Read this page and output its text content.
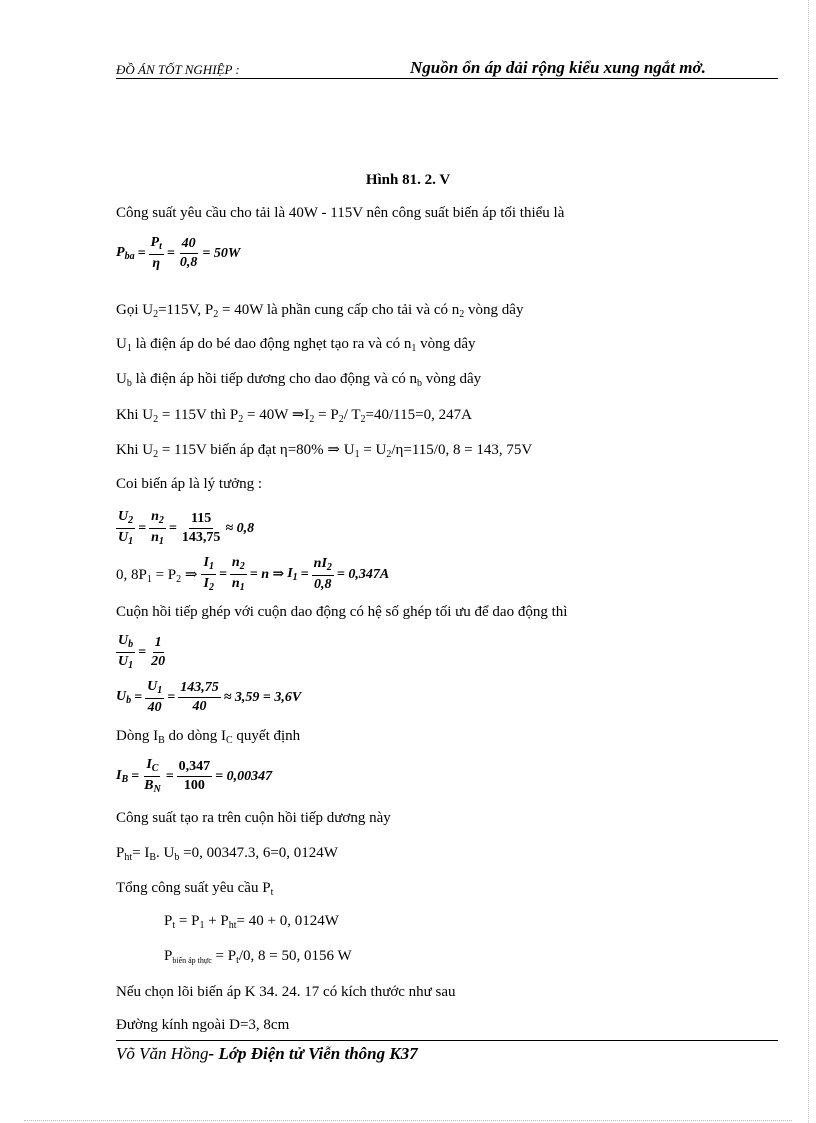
ĐỒ ÁN TỐT NGHIỆP :	Nguồn ổn áp dải rộng kiểu xung ngắt mở.
Hình 81. 2. V
Công suất yêu cầu cho tải là 40W - 115V nên công suất biến áp tối thiểu là
$P_{ba} = \frac{P_t}{\eta} = \frac{40}{0,8} = 50W$
Gọi $U_2=115V$, $P_2 = 40W$ là phần cung cấp cho tải và có $n_2$ vòng dây
$U_1$ là điện áp do bé dao động nghẹt tạo ra và có $n_1$ vòng dây
$U_b$ là điện áp hồi tiếp dương cho dao động và có $n_b$ vòng dây
Khi $U_2 = 115V$ thì $P_2 = 40W$ $\Rightarrow I_2 = P_2/$ $T_2=40/115=0$, 247A
Khi $U_2 = 115V$ biến áp đạt η=80% ⇒ $U_1 = U_2/\eta=115/0$, 8 = 143, 75V
Coi biến áp là lý tưởng :
$\frac{U_2}{U_1} = \frac{n_2}{n_1} = \frac{115}{143,75} \approx 0,8$
0, $8P_1 = P_2$ ⇒ $\frac{I_1}{I_2} = \frac{n_2}{n_1} = n$ ⇒ $I_1 = \frac{nI_2}{0,8} = 0,347A$
Cuộn hồi tiếp ghép với cuộn dao động có hệ số ghép tối ưu để dao động thì
$\frac{U_b}{U_1} = \frac{1}{20}$
$U_b = \frac{U_1}{40} = \frac{143,75}{40} \approx 3,59 = 3,6V$
Dòng $I_B$ do dòng $I_C$ quyết định
$I_B = \frac{I_C}{B_N} = \frac{0,347}{100} = 0,00347$
Công suất tạo ra trên cuộn hồi tiếp dương này
$P_{ht}= I_B$. $U_b =0$, 00347.3, 6=0, 0124W
Tổng công suất yêu cầu $P_t$
$P_t = P_1 + P_{ht}= 40 + 0$, 0124W
$P_{biến áp thực} = P_t/0$, 8 = 50, 0156 W
Nếu chọn lõi biến áp K 34. 24. 17 có kích thước như sau
Đường kính ngoài D=3, 8cm
Võ Văn Hồng- Lớp Điện tử Viễn thông K37
